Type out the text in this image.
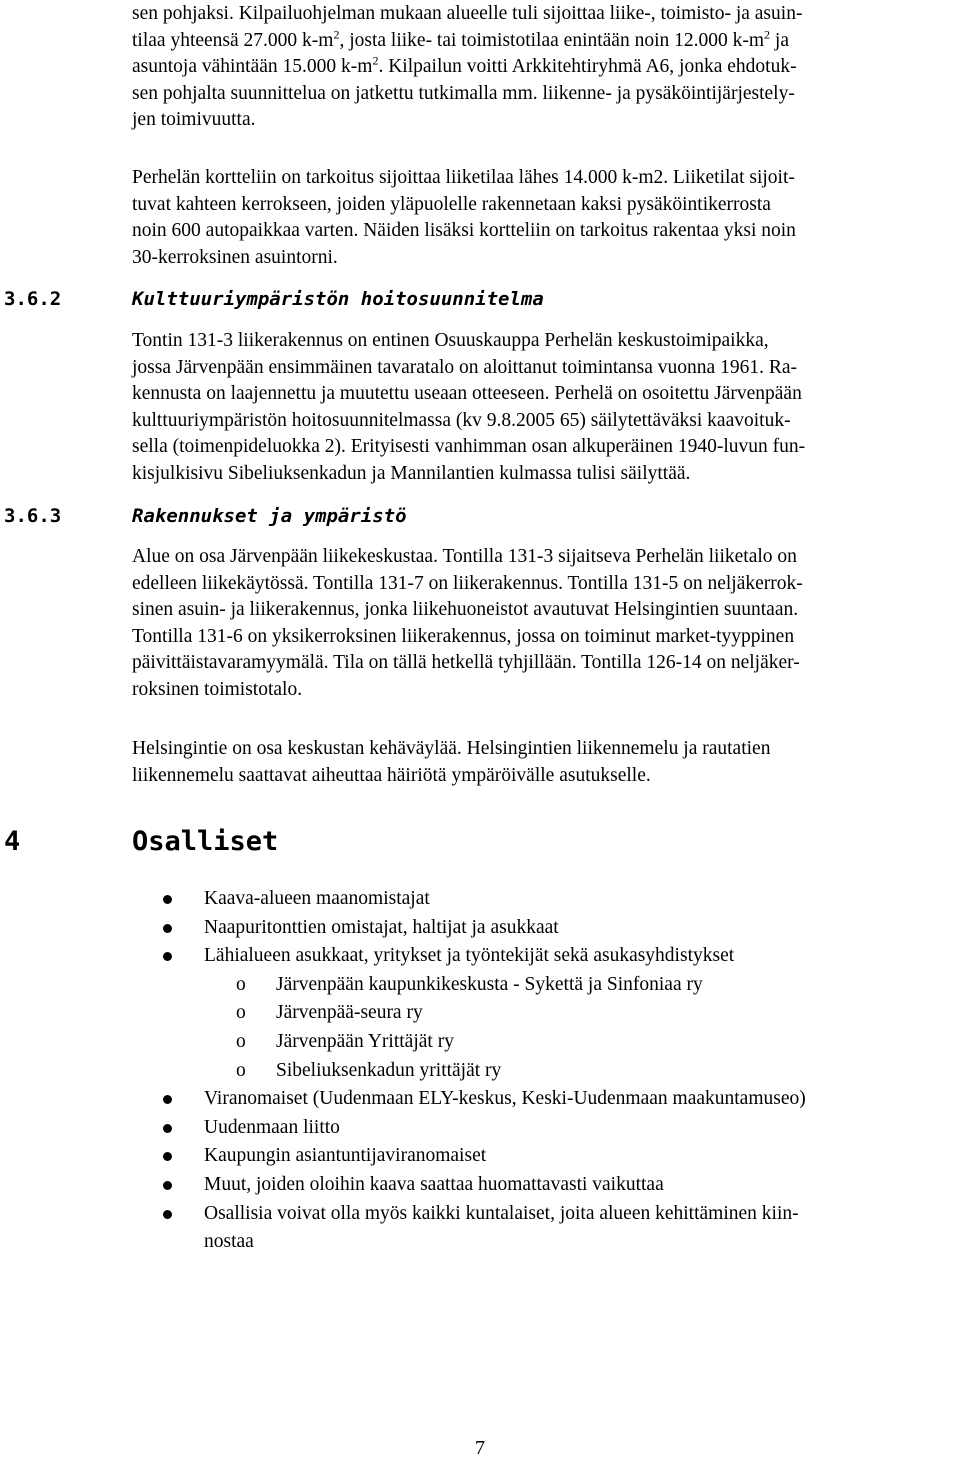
sen pohjaksi. Kilpailuohjelman mukaan alueelle tuli sijoittaa liike-, toimisto- ja asuin-
tilaa yhteensä 27.000 $k-m^2$, josta liike- tai toimistotilaa enintään noin 12.000 $k-m^2$ ja
asuntoja vähintään 15.000 $k-m^2$. Kilpailun voitti Arkkitehtiryhmä A6, jonka ehdotuk-
sen pohjalta suunnittelua on jatkettu tutkimalla mm. liikenne- ja pysäköintijärjestely-
jen toimivuutta.
Perhelän kortteliin on tarkoitus sijoittaa liiketilaa lähes 14.000 k-m2. Liiketilat sijoit-
tuvat kahteen kerrokseen, joiden yläpuolelle rakennetaan kaksi pysäköintikerrosta
noin 600 autopaikkaa varten. Näiden lisäksi kortteliin on tarkoitus rakentaa yksi noin
30-kerroksinen asuintorni.
3.6.2	Kulttuuriympäristön hoitosuunnitelma
Tontin 131-3 liikerakennus on entinen Osuuskauppa Perhelän keskustoimipaikka,
jossa Järvenpään ensimmäinen tavaratalo on aloittanut toimintansa vuonna 1961. Ra-
kennusta on laajennettu ja muutettu useaan otteeseen. Perhelä on osoitettu Järvenpään
kulttuuriympäristön hoitosuunnitelmassa (kv 9.8.2005 65) säilytettäväksi kaavoituk-
sella (toimenpideluokka 2). Erityisesti vanhimman osan alkuperäinen 1940-luvun fun-
kisjulkisivu Sibeliuksenkadun ja Mannilantien kulmassa tulisi säilyttää.
3.6.3	Rakennukset ja ympäristö
Alue on osa Järvenpään liikekeskustaa. Tontilla 131-3 sijaitseva Perhelän liiketalo on
edelleen liikekäytössä. Tontilla 131-7 on liikerakennus. Tontilla 131-5 on neljäkerrok-
sinen asuin- ja liikerakennus, jonka liikehuoneistot avautuvat Helsingintien suuntaan.
Tontilla 131-6 on yksikerroksinen liikerakennus, jossa on toiminut market-tyyppinen
päivittäistavaramyymälä. Tila on tällä hetkellä tyhjillään. Tontilla 126-14 on neljäker-
roksinen toimistotalo.
Helsingintie on osa keskustan kehäväylää. Helsingintien liikennemelu ja rautatien
liikennemelu saattavat aiheuttaa häiriötä ympäröivälle asutukselle.
4	Osalliset
Kaava-alueen maanomistajat
Naapuritonttien omistajat, haltijat ja asukkaat
Lähialueen asukkaat, yritykset ja työntekijät sekä asukasyhdistykset
o Järvenpään kaupunkikeskusta - Sykettä ja Sinfoniaa ry
o Järvenpää-seura ry
o Järvenpään Yrittäjät ry
o Sibeliuksenkadun yrittäjät ry
Viranomaiset (Uudenmaan ELY-keskus, Keski-Uudenmaan maakuntamuseo)
Uudenmaan liitto
Kaupungin asiantuntijaviranomaiset
Muut, joiden oloihin kaava saattaa huomattavasti vaikuttaa
Osallisia voivat olla myös kaikki kuntalaiset, joita alueen kehittäminen kiin-
nostaa
7
